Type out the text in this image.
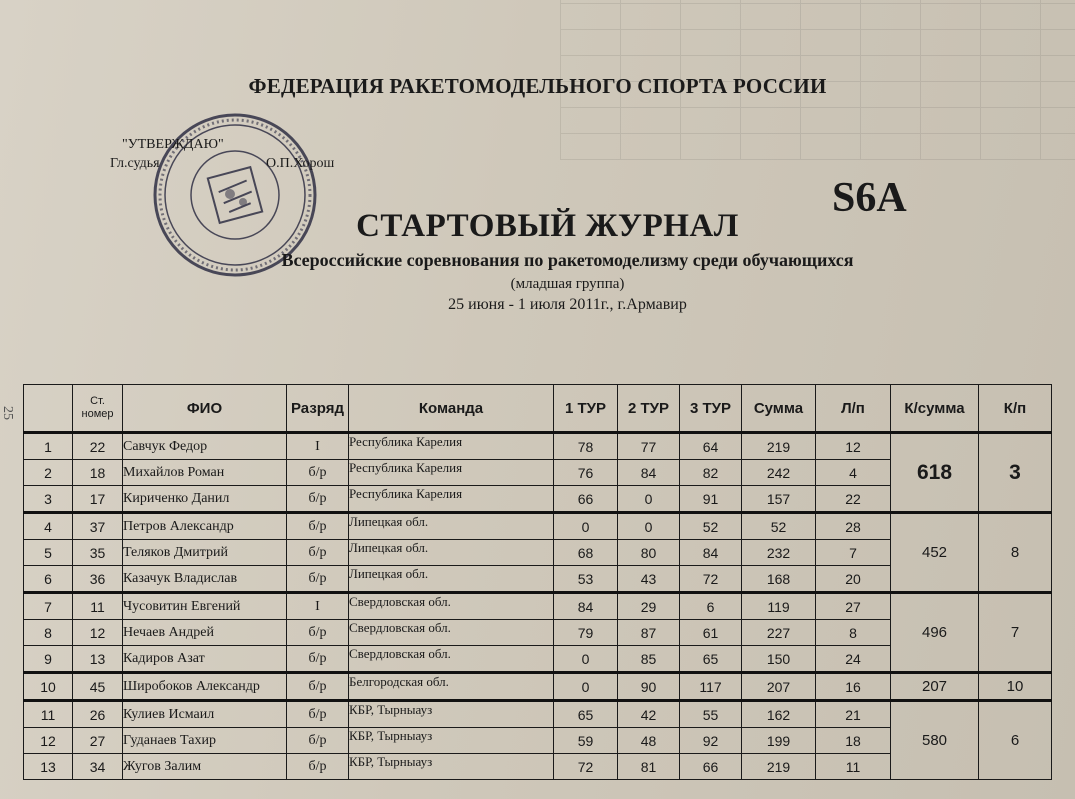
ФЕДЕРАЦИЯ РАКЕТОМОДЕЛЬНОГО СПОРТА РОССИИ
"УТВЕРЖДАЮ"
Гл.судья	О.П.Хорош
S6A
СТАРТОВЫЙ ЖУРНАЛ
Всероссийские соревнования по ракетомоделизму среди обучающихся
(младшая группа)
25 июня - 1 июля 2011г., г.Армавир
25
	Ст. номер	ФИО	Разряд	Команда	1 ТУР	2 ТУР	3 ТУР	Сумма	Л/п	К/сумма	К/п
1	22	Савчук Федор	I	Республика Карелия	78	77	64	219	12	618	3
2	18	Михайлов Роман	б/р	Республика Карелия	76	84	82	242	4		
3	17	Кириченко Данил	б/р	Республика Карелия	66	0	91	157	22		
4	37	Петров Александр	б/р	Липецкая обл.	0	0	52	52	28	452	8
5	35	Теляков Дмитрий	б/р	Липецкая обл.	68	80	84	232	7		
6	36	Казачук Владислав	б/р	Липецкая обл.	53	43	72	168	20		
7	11	Чусовитин Евгений	I	Свердловская обл.	84	29	6	119	27	496	7
8	12	Нечаев Андрей	б/р	Свердловская обл.	79	87	61	227	8		
9	13	Кадиров Азат	б/р	Свердловская обл.	0	85	65	150	24		
10	45	Широбоков Александр	б/р	Белгородская обл.	0	90	117	207	16	207	10
11	26	Кулиев Исмаил	б/р	КБР, Тырныауз	65	42	55	162	21	580	6
12	27	Гуданаев Тахир	б/р	КБР, Тырныауз	59	48	92	199	18		
13	34	Жугов Залим	б/р	КБР, Тырныауз	72	81	66	219	11		
